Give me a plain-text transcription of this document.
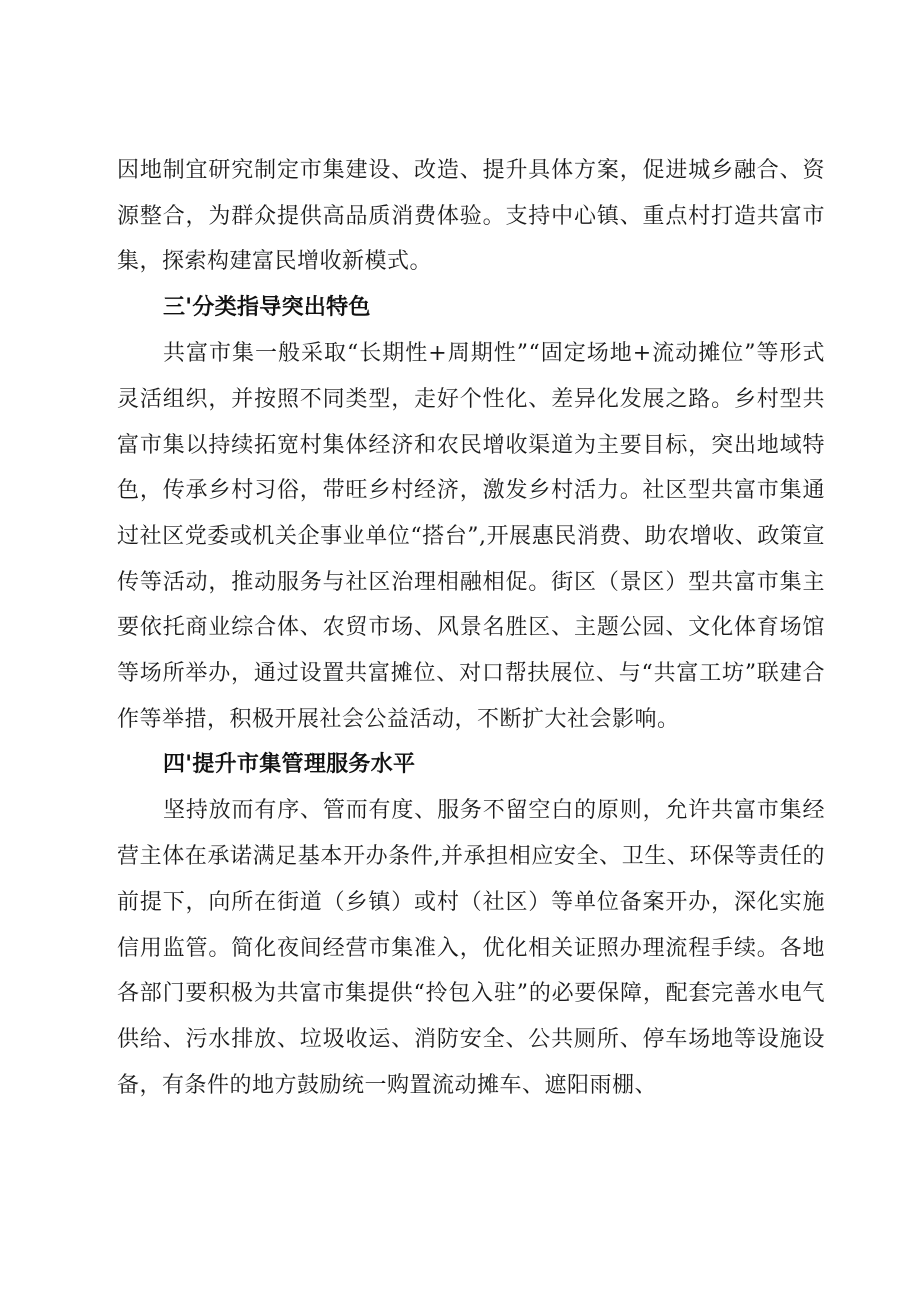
因地制宜研究制定市集建设、改造、提升具体方案，促进城乡融合、资源整合，为群众提供高品质消费体验。支持中心镇、重点村打造共富市集，探索构建富民增收新模式。

三'分类指导突出特色

共富市集一般采取“长期性+周期性”“固定场地+流动摊位”等形式灵活组织，并按照不同类型，走好个性化、差异化发展之路。乡村型共富市集以持续拓宽村集体经济和农民增收渠道为主要目标，突出地域特色，传承乡村习俗，带旺乡村经济，激发乡村活力。社区型共富市集通过社区党委或机关企事业单位“搭台”,开展惠民消费、助农增收、政策宣传等活动，推动服务与社区治理相融相促。街区（景区）型共富市集主要依托商业综合体、农贸市场、风景名胜区、主题公园、文化体育场馆等场所举办，通过设置共富摊位、对口帮扶展位、与“共富工坊”联建合作等举措，积极开展社会公益活动，不断扩大社会影响。

四'提升市集管理服务水平

坚持放而有序、管而有度、服务不留空白的原则，允许共富市集经营主体在承诺满足基本开办条件,并承担相应安全、卫生、环保等责任的前提下，向所在街道（乡镇）或村（社区）等单位备案开办，深化实施信用监管。简化夜间经营市集准入，优化相关证照办理流程手续。各地各部门要积极为共富市集提供“拎包入驻”的必要保障，配套完善水电气供给、污水排放、垃圾收运、消防安全、公共厕所、停车场地等设施设备，有条件的地方鼓励统一购置流动摊车、遮阳雨棚、
